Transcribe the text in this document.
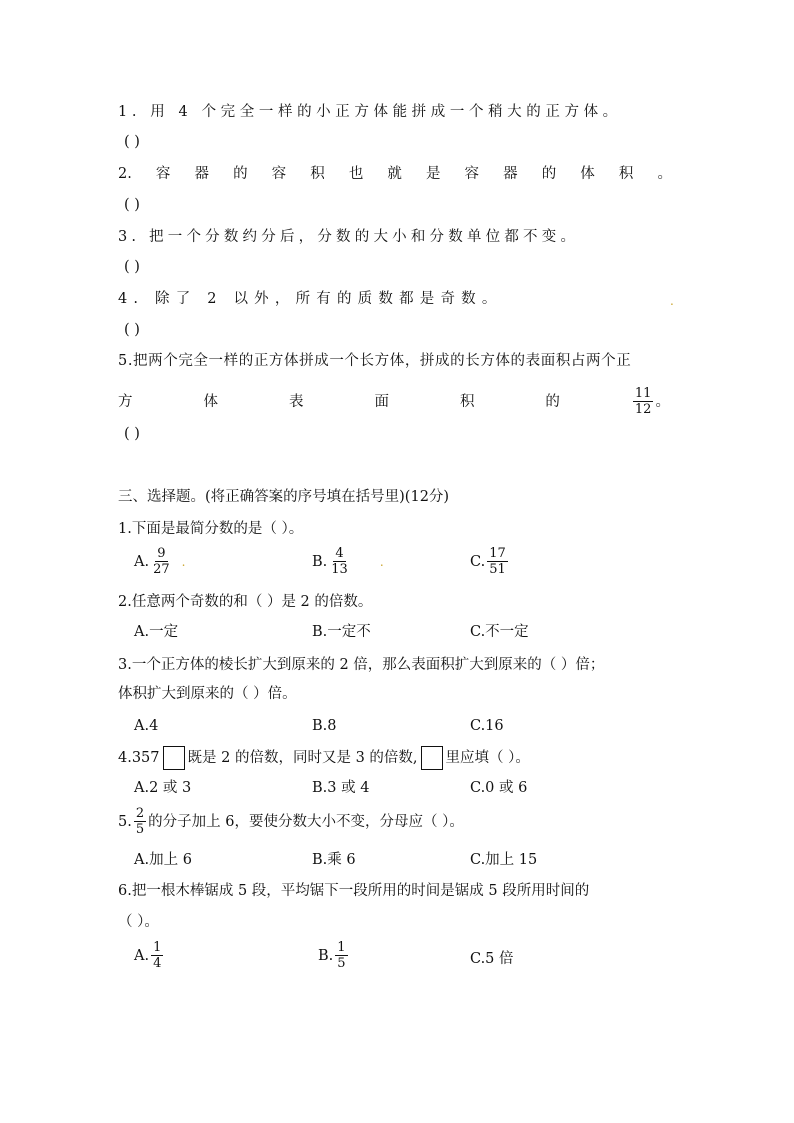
1. 用 4 个完全一样的小正方体能拼成一个稍大的正方体。
( )
2. 容 器 的 容 积 也 就 是 容 器 的 体 积 。
( )
3. 把一个分数约分后，分数的大小和分数单位都不变。
( )
4. 除了 2 以外，所有的质数都是奇数。	.
( )
5.把两个完全一样的正方体拼成一个长方体，拼成的长方体的表面积占两个正
方	体	表	面	积	的	$\frac{11}{12}$ 。
( )
三、选择题。(将正确答案的序号填在括号里)(12分)
1.下面是最简分数的是（ ）。
A. $\frac{9}{27}$ .	B. $\frac{4}{13}$	.	C. $\frac{17}{51}$
2.任意两个奇数的和（ ）是 2 的倍数。
A.一定	B.一定不	C.不一定
3.一个正方体的棱长扩大到原来的 2 倍，那么表面积扩大到原来的（ ）倍；
体积扩大到原来的（ ）倍。
A.4	B.8	C.16
4.357 既是 2 的倍数，同时又是 3 的倍数, 里应填（ ）。
A.2 或 3	B.3 或 4	C.0 或 6
5. $\frac{2}{5}$ 的分子加上 6，要使分数大小不变，分母应（ ）。
A.加上 6	B.乘 6	C.加上 15
6.把一根木棒锯成 5 段，平均锯下一段所用的时间是锯成 5 段所用时间的
（ ）。
A. $\frac{1}{4}$	B. $\frac{1}{5}$	C.5 倍
